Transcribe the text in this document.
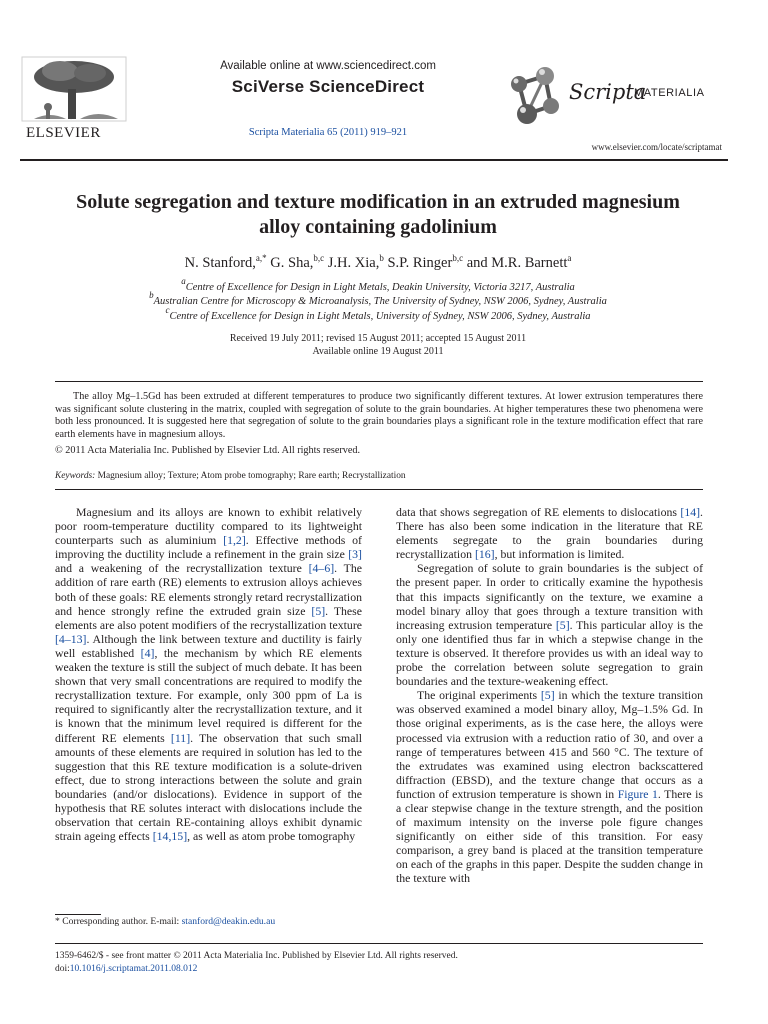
ELSEVIER
Available online at www.sciencedirect.com
SciVerse ScienceDirect
Scripta Materialia 65 (2011) 919–921
Scripta
MATERIALIA
www.elsevier.com/locate/scriptamat
Solute segregation and texture modification in an extruded magnesium alloy containing gadolinium
N. Stanford,$^{a,*}$ G. Sha,$^{b,c}$ J.H. Xia,$^b$ S.P. Ringer$^{b,c}$ and M.R. Barnett$^a$
$^a$Centre of Excellence for Design in Light Metals, Deakin University, Victoria 3217, Australia
$^b$Australian Centre for Microscopy & Microanalysis, The University of Sydney, NSW 2006, Sydney, Australia
$^c$Centre of Excellence for Design in Light Metals, University of Sydney, NSW 2006, Sydney, Australia
Received 19 July 2011; revised 15 August 2011; accepted 15 August 2011
Available online 19 August 2011
The alloy Mg–1.5Gd has been extruded at different temperatures to produce two significantly different textures. At lower extrusion temperatures there was significant solute clustering in the matrix, coupled with segregation of solute to the grain boundaries. At higher temperatures these two phenomena were both less pronounced. It is suggested here that segregation of solute to the grain boundaries plays a significant role in the texture modification effect that rare earth elements have in magnesium alloys.
© 2011 Acta Materialia Inc. Published by Elsevier Ltd. All rights reserved.
Keywords: Magnesium alloy; Texture; Atom probe tomography; Rare earth; Recrystallization

Magnesium and its alloys are known to exhibit relatively poor room-temperature ductility compared to its lightweight counterparts such as aluminium [1,2]. Effective methods of improving the ductility include a refinement in the grain size [3] and a weakening of the recrystallization texture [4–6]. The addition of rare earth (RE) elements to extrusion alloys achieves both of these goals: RE elements strongly retard recrystallization and hence strongly refine the extruded grain size [5]. These elements are also potent modifiers of the recrystallization texture [4–13]. Although the link between texture and ductility is fairly well established [4], the mechanism by which RE elements weaken the texture is still the subject of much debate. It has been shown that very small concentrations are required to modify the recrystallization texture. For example, only 300 ppm of La is required to significantly alter the recrystallization texture, and it is known that the minimum level required is different for the different RE elements [11]. The observation that such small amounts of these elements are required in solution has led to the suggestion that this RE texture modification is a solute-driven effect, due to strong interactions between the solute and grain boundaries (and/or dislocations). Evidence in support of the hypothesis that RE solutes interact with dislocations include the observation that certain RE-containing alloys exhibit dynamic strain ageing effects [14,15], as well as atom probe tomography

data that shows segregation of RE elements to dislocations [14]. There has also been some indication in the literature that RE elements segregate to the grain boundaries during recrystallization [16], but information is limited.

Segregation of solute to grain boundaries is the subject of the present paper. In order to critically examine the hypothesis that this impacts significantly on the texture, we examine a model binary alloy that goes through a texture transition with increasing extrusion temperature [5]. This particular alloy is the only one identified thus far in which a stepwise change in the texture is observed. It therefore provides us with an ideal way to probe the correlation between solute segregation to grain boundaries and the texture-weakening effect.

The original experiments [5] in which the texture transition was observed examined a model binary alloy, Mg–1.5% Gd. In those original experiments, as is the case here, the alloys were processed via extrusion with a reduction ratio of 30, and over a range of temperatures between 415 and 560 °C. The texture of the extrudates was examined using electron backscattered diffraction (EBSD), and the texture change that occurs as a function of extrusion temperature is shown in Figure 1. There is a clear stepwise change in the texture strength, and the position of maximum intensity on the inverse pole figure changes significantly on either side of this transition. For easy comparison, a grey band is placed at the transition temperature on each of the graphs in this paper. Despite the sudden change in the texture with

* Corresponding author. E-mail: stanford@deakin.edu.au
1359-6462/$ - see front matter © 2011 Acta Materialia Inc. Published by Elsevier Ltd. All rights reserved.
doi:10.1016/j.scriptamat.2011.08.012
